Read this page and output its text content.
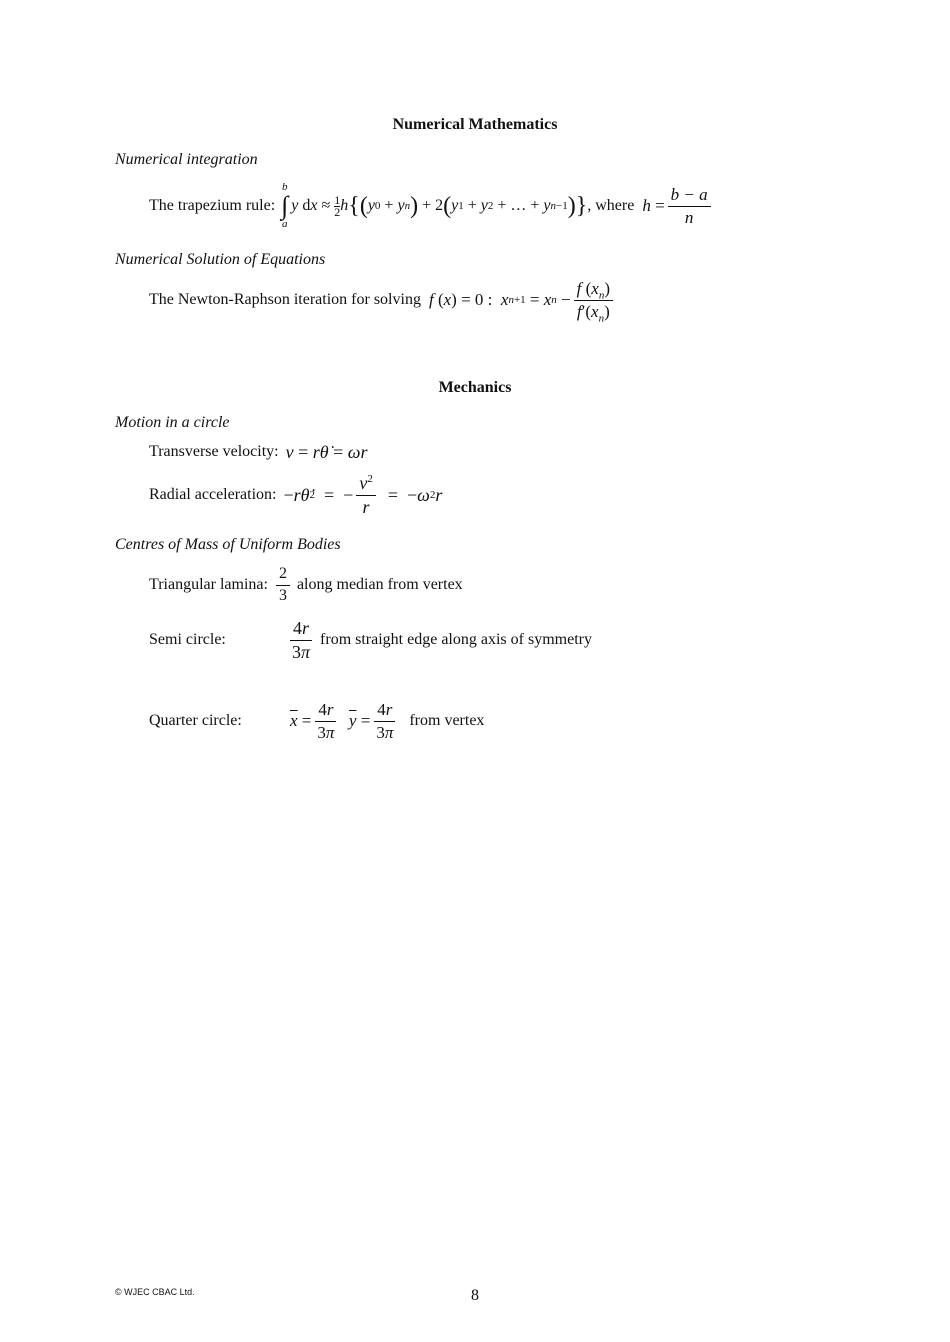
Numerical Mathematics
Numerical integration
The trapezium rule:
b
∫
a
y
d x ≈ 1
2 h {( y 0 + y n ) + 2 ( y 1 + y 2 + … + y n−1 )} , where $h = \frac{b - a}{n}$
Numerical Solution of Equations
The Newton-Raphson iteration for solving f ( x ) = 0 : x n+1 = x $n - \frac{f (x_n)}{f'(x_n)}$
Mechanics
Motion in a circle
Transverse velocity: v = rθ̇ = ωr
Radial acceleration: − r θ̇ 2 =  − $\frac{v^2}{r}$ =  − ω 2 r
Centres of Mass of Uniform Bodies
Triangular lamina: $\frac{2}{3}$ along median from vertex
Semi circle:	$\frac{4r}{3\pi}$ from straight edge along axis of symmetry
Quarter circle:	$\overline{x} = \frac{4r}{3\pi}$
$\overline{y} = \frac{4r}{3\pi}$ from vertex
© WJEC CBAC Ltd.	8
